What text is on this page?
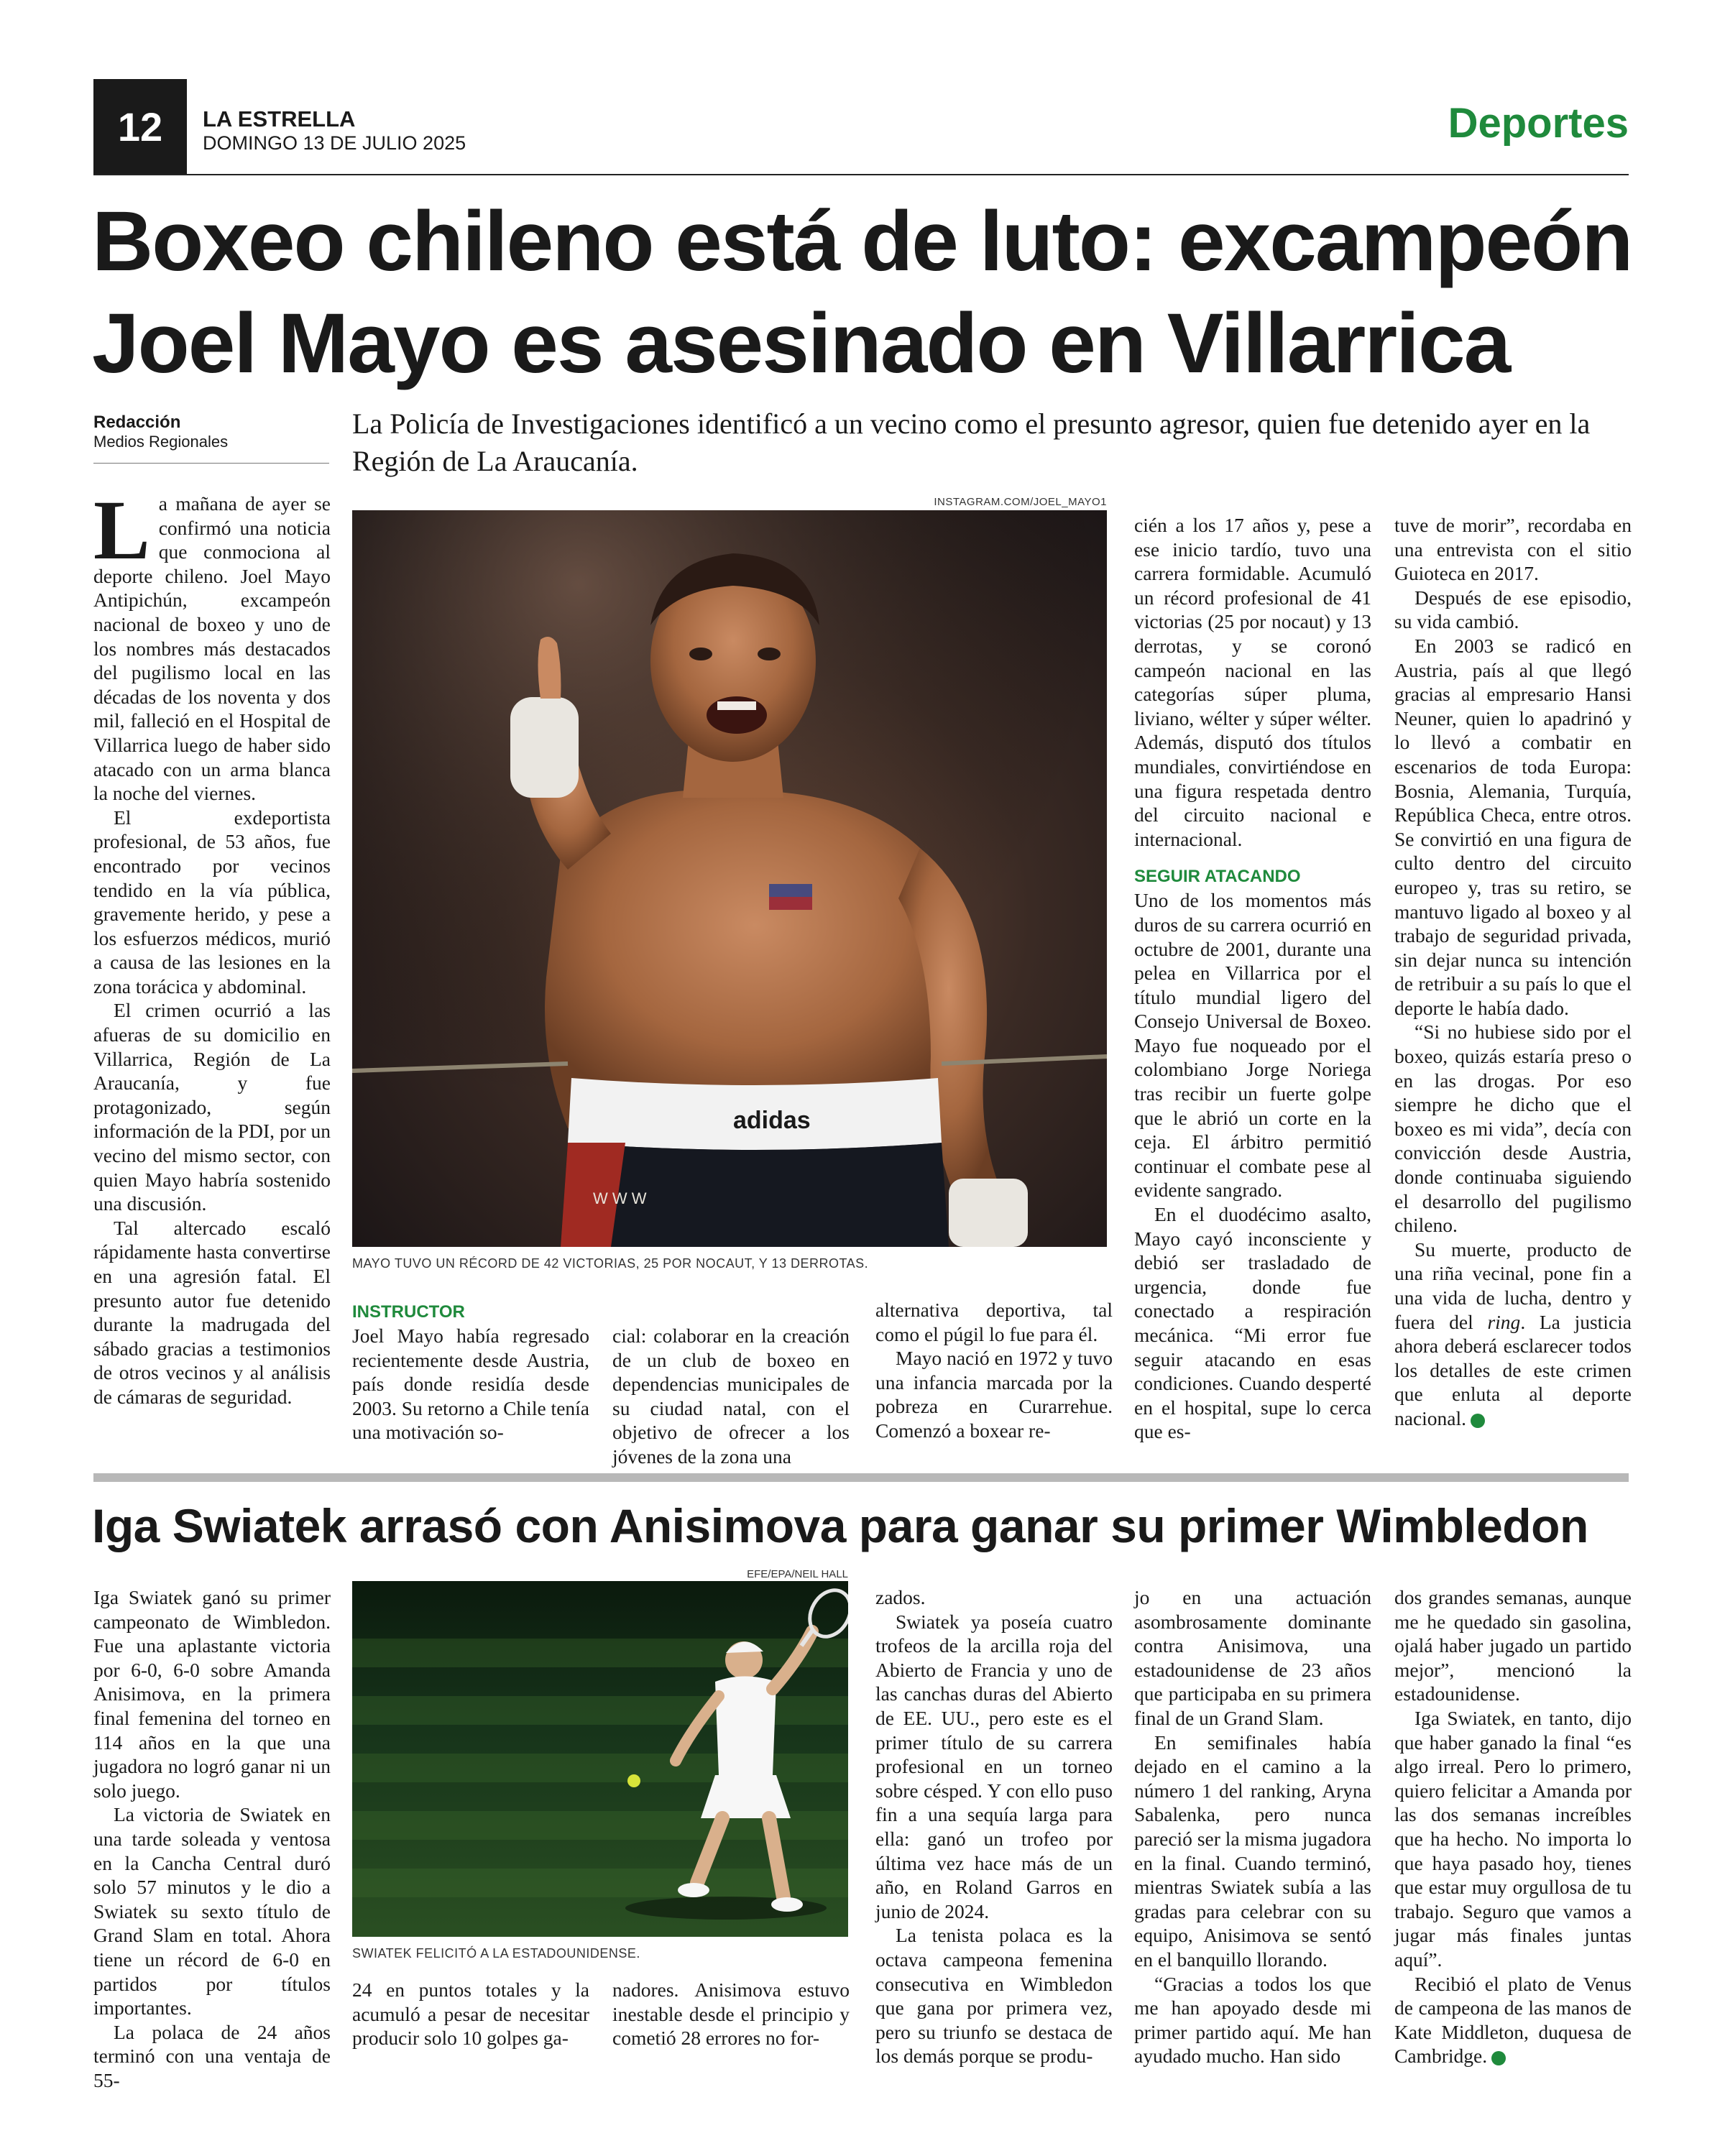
12	LA ESTRELLA
DOMINGO 13 DE JULIO 2025	Deportes
Boxeo chileno está de luto: excampeón Joel Mayo es asesinado en Villarrica
Redacción
Medios Regionales

La Policía de Investigaciones identificó a un vecino como el presunto agresor, quien fue detenido ayer en la Región de La Araucanía.

La mañana de ayer se confirmó una noticia que conmociona al deporte chileno. Joel Mayo Antipichún, excampeón nacional de boxeo y uno de los nombres más destacados del pugilismo local en las décadas de los noventa y dos mil, falleció en el Hospital de Villarrica luego de haber sido atacado con un arma blanca la noche del viernes.

El exdeportista profesional, de 53 años, fue encontrado por vecinos tendido en la vía pública, gravemente herido, y pese a los esfuerzos médicos, murió a causa de las lesiones en la zona torácica y abdominal.

El crimen ocurrió a las afueras de su domicilio en Villarrica, Región de La Araucanía, y fue protagonizado, según información de la PDI, por un vecino del mismo sector, con quien Mayo habría sostenido una discusión.

Tal altercado escaló rápidamente hasta convertirse en una agresión fatal. El presunto autor fue detenido durante la madrugada del sábado gracias a testimonios de otros vecinos y al análisis de cámaras de seguridad.

INSTAGRAM.COM/JOEL_MAYO1
adidas
W W W
MAYO TUVO UN RÉCORD DE 42 VICTORIAS, 25 POR NOCAUT, Y 13 DERROTAS.
INSTRUCTOR

Joel Mayo había regresado recientemente desde Austria, país donde residía desde 2003. Su retorno a Chile tenía una motivación so-

cial: colaborar en la creación de un club de boxeo en dependencias municipales de su ciudad natal, con el objetivo de ofrecer a los jóvenes de la zona una

alternativa deportiva, tal como el púgil lo fue para él.

Mayo nació en 1972 y tuvo una infancia marcada por la pobreza en Curarrehue. Comenzó a boxear re-

cién a los 17 años y, pese a ese inicio tardío, tuvo una carrera formidable. Acumuló un récord profesional de 41 victorias (25 por nocaut) y 13 derrotas, y se coronó campeón nacional en las categorías súper pluma, liviano, wélter y súper wélter. Además, disputó dos títulos mundiales, convirtiéndose en una figura respetada dentro del circuito nacional e internacional.

SEGUIR ATACANDO

Uno de los momentos más duros de su carrera ocurrió en octubre de 2001, durante una pelea en Villarrica por el título mundial ligero del Consejo Universal de Boxeo. Mayo fue noqueado por el colombiano Jorge Noriega tras recibir un fuerte golpe que le abrió un corte en la ceja. El árbitro permitió continuar el combate pese al evidente sangrado.

En el duodécimo asalto, Mayo cayó inconsciente y debió ser trasladado de urgencia, donde fue conectado a respiración mecánica. “Mi error fue seguir atacando en esas condiciones. Cuando desperté en el hospital, supe lo cerca que es-

tuve de morir”, recordaba en una entrevista con el sitio Guioteca en 2017.

Después de ese episodio, su vida cambió.

En 2003 se radicó en Austria, país al que llegó gracias al empresario Hansi Neuner, quien lo apadrinó y lo llevó a combatir en escenarios de toda Europa: Bosnia, Alemania, Turquía, República Checa, entre otros. Se convirtió en una figura de culto dentro del circuito europeo y, tras su retiro, se mantuvo ligado al boxeo y al trabajo de seguridad privada, sin dejar nunca su intención de retribuir a su país lo que el deporte le había dado.

“Si no hubiese sido por el boxeo, quizás estaría preso o en las drogas. Por eso siempre he dicho que el boxeo es mi vida”, decía con convicción desde Austria, donde continuaba siguiendo el desarrollo del pugilismo chileno.

Su muerte, producto de una riña vecinal, pone fin a una vida de lucha, dentro y fuera del ring. La justicia ahora deberá esclarecer todos los detalles de este crimen que enluta al deporte nacional. ✦

Iga Swiatek arrasó con Anisimova para ganar su primer Wimbledon
EFE/EPA/NEIL HALL
SWIATEK FELICITÓ A LA ESTADOUNIDENSE.

Iga Swiatek ganó su primer campeonato de Wimbledon. Fue una aplastante victoria por 6-0, 6-0 sobre Amanda Anisimova, en la primera final femenina del torneo en 114 años en la que una jugadora no logró ganar ni un solo juego.

La victoria de Swiatek en una tarde soleada y ventosa en la Cancha Central duró solo 57 minutos y le dio a Swiatek su sexto título de Grand Slam en total. Ahora tiene un récord de 6-0 en partidos por títulos importantes.

La polaca de 24 años terminó con una ventaja de 55-

24 en puntos totales y la acumuló a pesar de necesitar producir solo 10 golpes ga-

nadores. Anisimova estuvo inestable desde el principio y cometió 28 errores no for-

zados.

Swiatek ya poseía cuatro trofeos de la arcilla roja del Abierto de Francia y uno de las canchas duras del Abierto de EE. UU., pero este es el primer título de su carrera profesional en un torneo sobre césped. Y con ello puso fin a una sequía larga para ella: ganó un trofeo por última vez hace más de un año, en Roland Garros en junio de 2024.

La tenista polaca es la octava campeona femenina consecutiva en Wimbledon que gana por primera vez, pero su triunfo se destaca de los demás porque se produ-

jo en una actuación asombrosamente dominante contra Anisimova, una estadounidense de 23 años que participaba en su primera final de un Grand Slam.

En semifinales había dejado en el camino a la número 1 del ranking, Aryna Sabalenka, pero nunca pareció ser la misma jugadora en la final. Cuando terminó, mientras Swiatek subía a las gradas para celebrar con su equipo, Anisimova se sentó en el banquillo llorando.

“Gracias a todos los que me han apoyado desde mi primer partido aquí. Me han ayudado mucho. Han sido

dos grandes semanas, aunque me he quedado sin gasolina, ojalá haber jugado un partido mejor”, mencionó la estadounidense.

Iga Swiatek, en tanto, dijo que haber ganado la final “es algo irreal. Pero lo primero, quiero felicitar a Amanda por las dos semanas increíbles que ha hecho. No importa lo que haya pasado hoy, tienes que estar muy orgullosa de tu trabajo. Seguro que vamos a jugar más finales juntas aquí”.

Recibió el plato de Venus de campeona de las manos de Kate Middleton, duquesa de Cambridge. ✦
